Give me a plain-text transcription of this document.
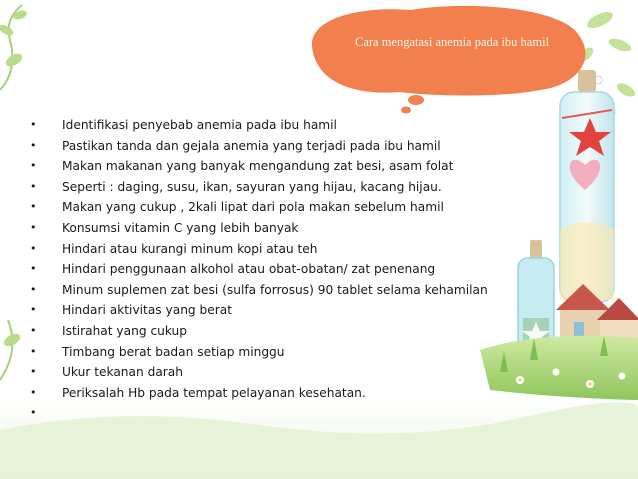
Cara mengatasi anemia pada ibu hamil
•	Identifikasi penyebab anemia pada ibu hamil
•	Pastikan tanda dan gejala anemia yang terjadi pada ibu hamil
•	Makan makanan yang banyak mengandung zat besi, asam folat
•	Seperti : daging, susu, ikan, sayuran yang hijau, kacang hijau.
•	Makan yang cukup , 2kali lipat dari pola makan sebelum hamil
•	Konsumsi vitamin C yang lebih banyak
•	Hindari atau kurangi minum kopi atau teh
•	Hindari penggunaan alkohol atau obat-obatan/ zat penenang
•	Minum suplemen zat besi (sulfa forrosus) 90 tablet selama kehamilan
•	Hindari aktivitas yang berat
•	Istirahat yang cukup
•	Timbang berat badan setiap minggu
•	Ukur tekanan darah
•	Periksalah Hb pada tempat pelayanan kesehatan.
•
